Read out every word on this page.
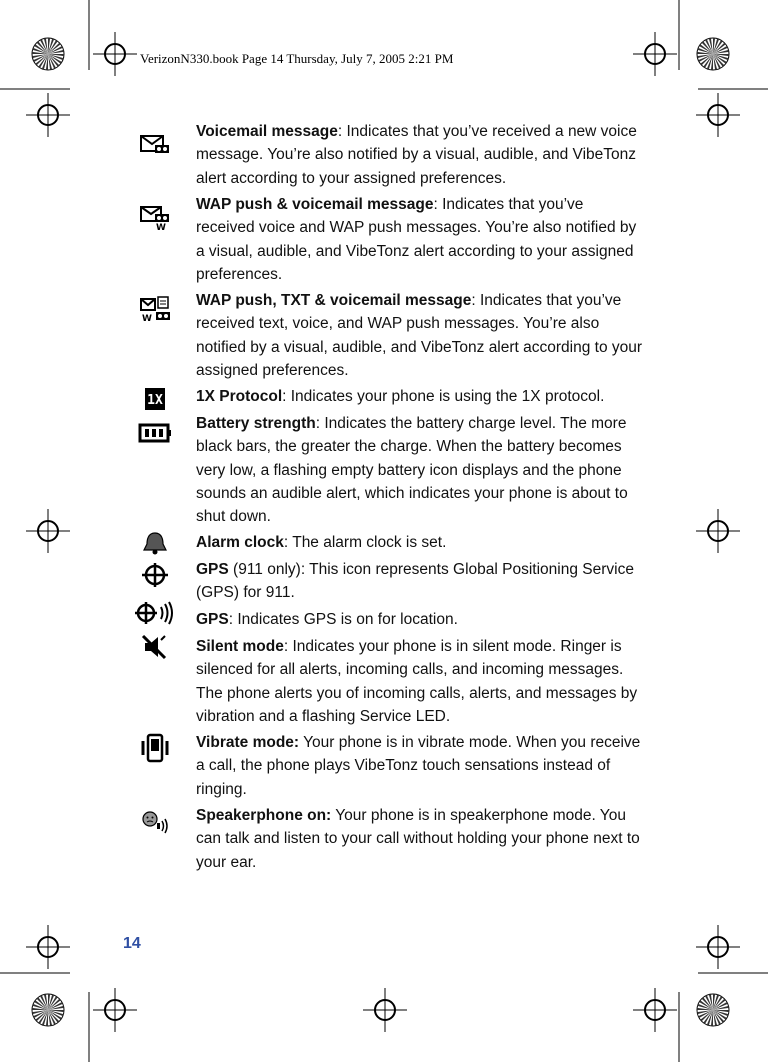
VerizonN330.book Page 14 Thursday, July 7, 2005 2:21 PM

Voicemail message: Indicates that you’ve received a new voice message. You’re also notified by a visual, audible, and VibeTonz alert according to your assigned preferences.

W

WAP push & voicemail message: Indicates that you’ve received voice and WAP push messages. You’re also notified by a visual, audible, and VibeTonz alert according to your assigned preferences.

W

WAP push, TXT & voicemail message: Indicates that you’ve received text, voice, and WAP push messages. You’re also notified by a visual, audible, and VibeTonz alert according to your assigned preferences.

1X 1X Protocol: Indicates your phone is using the 1X protocol.

Battery strength: Indicates the battery charge level. The more black bars, the greater the charge. When the battery becomes very low, a flashing empty battery icon displays and the phone sounds an audible alert, which indicates your phone is about to shut down.

Alarm clock: The alarm clock is set.

GPS (911 only): This icon represents Global Positioning Service (GPS) for 911.

GPS: Indicates GPS is on for location.

Silent mode: Indicates your phone is in silent mode. Ringer is silenced for all alerts, incoming calls, and incoming messages. The phone alerts you of incoming calls, alerts, and messages by vibration and a flashing Service LED.

Vibrate mode: Your phone is in vibrate mode. When you receive a call, the phone plays VibeTonz touch sensations instead of ringing.

Speakerphone on: Your phone is in speakerphone mode. You can talk and listen to your call without holding your phone next to your ear.

14
